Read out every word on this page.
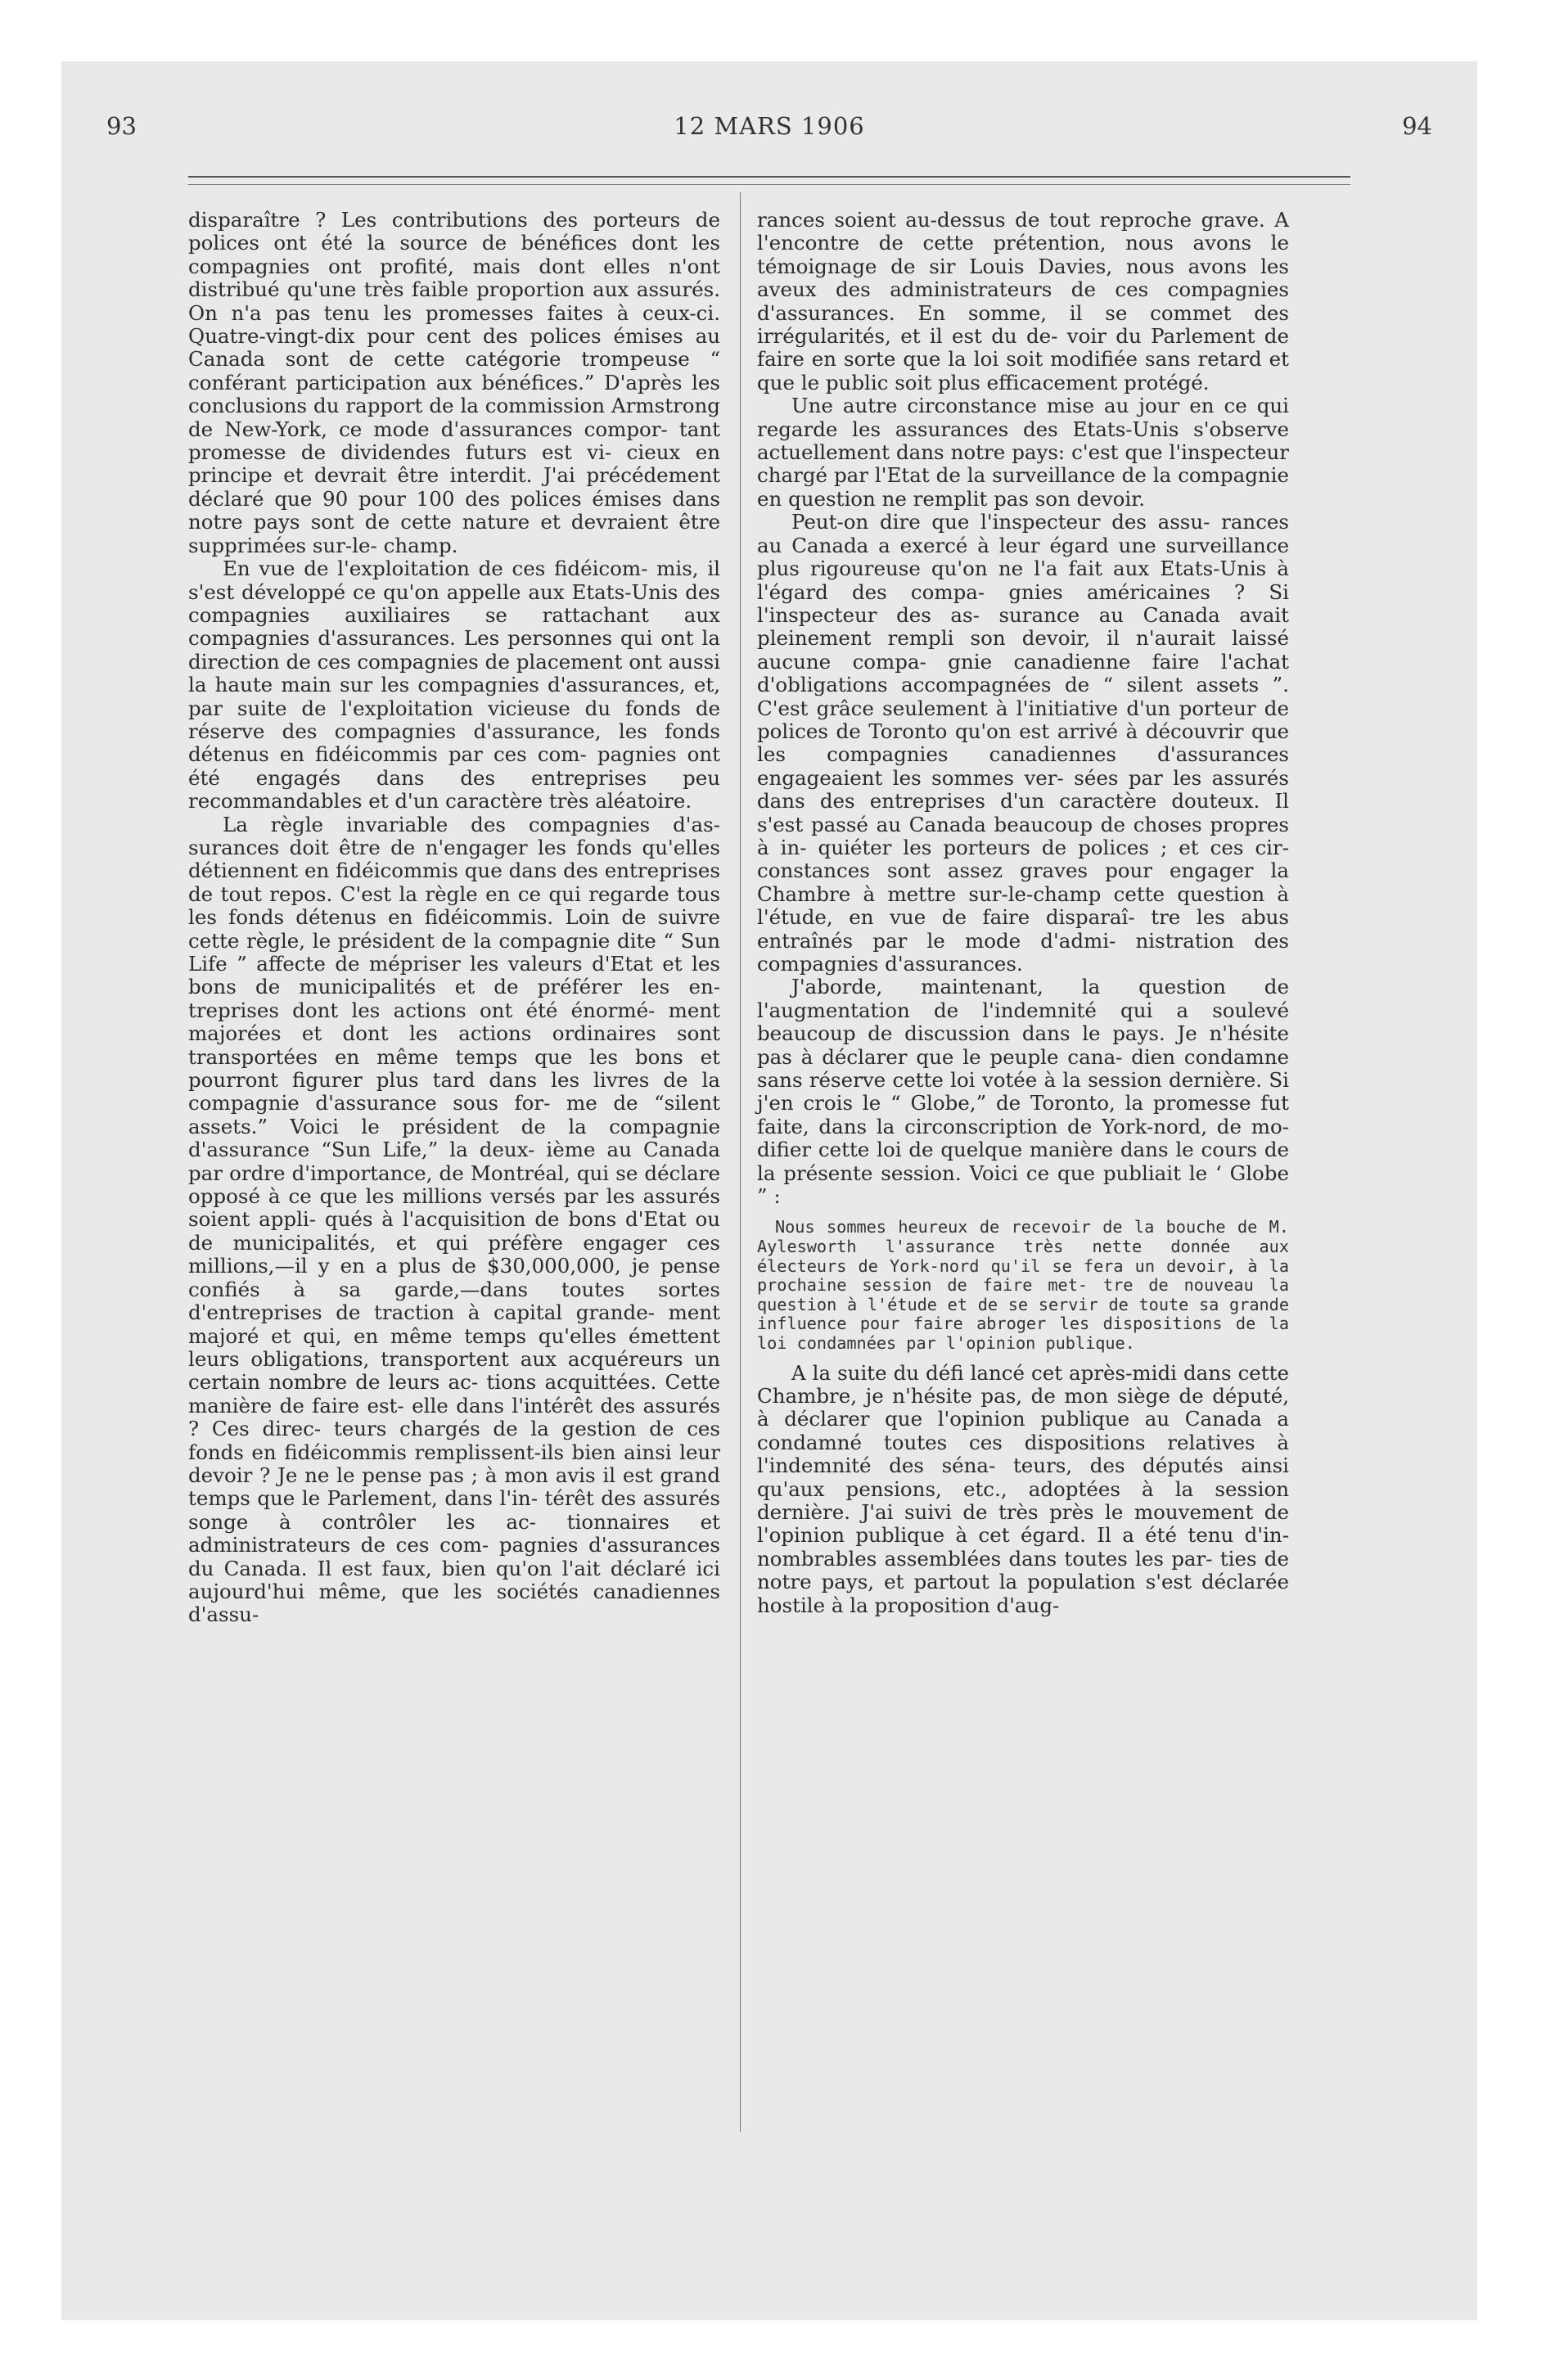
93	12 MARS 1906	94

disparaître ? Les contributions des porteurs de polices ont été la source de bénéfices dont les compagnies ont profité, mais dont elles n'ont distribué qu'une très faible proportion aux assurés. On n'a pas tenu les promesses faites à ceux-ci. Quatre-vingt-dix pour cent des polices émises au Canada sont de cette catégorie trompeuse “ conférant participation aux bénéfices.” D'après les conclusions du rapport de la commission Armstrong de New-York, ce mode d'assurances compor- tant promesse de dividendes futurs est vi- cieux en principe et devrait être interdit. J'ai précédement déclaré que 90 pour 100 des polices émises dans notre pays sont de cette nature et devraient être supprimées sur-le- champ.

En vue de l'exploitation de ces fidéicom- mis, il s'est développé ce qu'on appelle aux Etats-Unis des compagnies auxiliaires se rattachant aux compagnies d'assurances. Les personnes qui ont la direction de ces compagnies de placement ont aussi la haute main sur les compagnies d'assurances, et, par suite de l'exploitation vicieuse du fonds de réserve des compagnies d'assurance, les fonds détenus en fidéicommis par ces com- pagnies ont été engagés dans des entreprises peu recommandables et d'un caractère très aléatoire.

La règle invariable des compagnies d'as- surances doit être de n'engager les fonds qu'elles détiennent en fidéicommis que dans des entreprises de tout repos. C'est la règle en ce qui regarde tous les fonds détenus en fidéicommis. Loin de suivre cette règle, le président de la compagnie dite “ Sun Life ” affecte de mépriser les valeurs d'Etat et les bons de municipalités et de préférer les en- treprises dont les actions ont été énormé- ment majorées et dont les actions ordinaires sont transportées en même temps que les bons et pourront figurer plus tard dans les livres de la compagnie d'assurance sous for- me de “silent assets.” Voici le président de la compagnie d'assurance “Sun Life,” la deux- ième au Canada par ordre d'importance, de Montréal, qui se déclare opposé à ce que les millions versés par les assurés soient appli- qués à l'acquisition de bons d'Etat ou de municipalités, et qui préfère engager ces millions,—il y en a plus de $30,000,000, je pense confiés à sa garde,—dans toutes sortes d'entreprises de traction à capital grande- ment majoré et qui, en même temps qu'elles émettent leurs obligations, transportent aux acquéreurs un certain nombre de leurs ac- tions acquittées. Cette manière de faire est- elle dans l'intérêt des assurés ? Ces direc- teurs chargés de la gestion de ces fonds en fidéicommis remplissent-ils bien ainsi leur devoir ? Je ne le pense pas ; à mon avis il est grand temps que le Parlement, dans l'in- térêt des assurés songe à contrôler les ac- tionnaires et administrateurs de ces com- pagnies d'assurances du Canada. Il est faux, bien qu'on l'ait déclaré ici aujourd'hui même, que les sociétés canadiennes d'assu-

rances soient au-dessus de tout reproche grave. A l'encontre de cette prétention, nous avons le témoignage de sir Louis Davies, nous avons les aveux des administrateurs de ces compagnies d'assurances. En somme, il se commet des irrégularités, et il est du de- voir du Parlement de faire en sorte que la loi soit modifiée sans retard et que le public soit plus efficacement protégé.

Une autre circonstance mise au jour en ce qui regarde les assurances des Etats-Unis s'observe actuellement dans notre pays: c'est que l'inspecteur chargé par l'Etat de la surveillance de la compagnie en question ne remplit pas son devoir.

Peut-on dire que l'inspecteur des assu- rances au Canada a exercé à leur égard une surveillance plus rigoureuse qu'on ne l'a fait aux Etats-Unis à l'égard des compa- gnies américaines ? Si l'inspecteur des as- surance au Canada avait pleinement rempli son devoir, il n'aurait laissé aucune compa- gnie canadienne faire l'achat d'obligations accompagnées de “ silent assets ”. C'est grâce seulement à l'initiative d'un porteur de polices de Toronto qu'on est arrivé à découvrir que les compagnies canadiennes d'assurances engageaient les sommes ver- sées par les assurés dans des entreprises d'un caractère douteux. Il s'est passé au Canada beaucoup de choses propres à in- quiéter les porteurs de polices ; et ces cir- constances sont assez graves pour engager la Chambre à mettre sur-le-champ cette question à l'étude, en vue de faire disparaî- tre les abus entraînés par le mode d'admi- nistration des compagnies d'assurances.

J'aborde, maintenant, la question de l'augmentation de l'indemnité qui a soulevé beaucoup de discussion dans le pays. Je n'hésite pas à déclarer que le peuple cana- dien condamne sans réserve cette loi votée à la session dernière. Si j'en crois le “ Globe,” de Toronto, la promesse fut faite, dans la circonscription de York-nord, de mo- difier cette loi de quelque manière dans le cours de la présente session. Voici ce que publiait le ‘ Globe ” :

Nous sommes heureux de recevoir de la bouche de M. Aylesworth l'assurance très nette donnée aux électeurs de York-nord qu'il se fera un devoir, à la prochaine session de faire met- tre de nouveau la question à l'étude et de se servir de toute sa grande influence pour faire abroger les dispositions de la loi condamnées par l'opinion publique.

A la suite du défi lancé cet après-midi dans cette Chambre, je n'hésite pas, de mon siège de député, à déclarer que l'opinion publique au Canada a condamné toutes ces dispositions relatives à l'indemnité des séna- teurs, des députés ainsi qu'aux pensions, etc., adoptées à la session dernière. J'ai suivi de très près le mouvement de l'opinion publique à cet égard. Il a été tenu d'in- nombrables assemblées dans toutes les par- ties de notre pays, et partout la population s'est déclarée hostile à la proposition d'aug-
